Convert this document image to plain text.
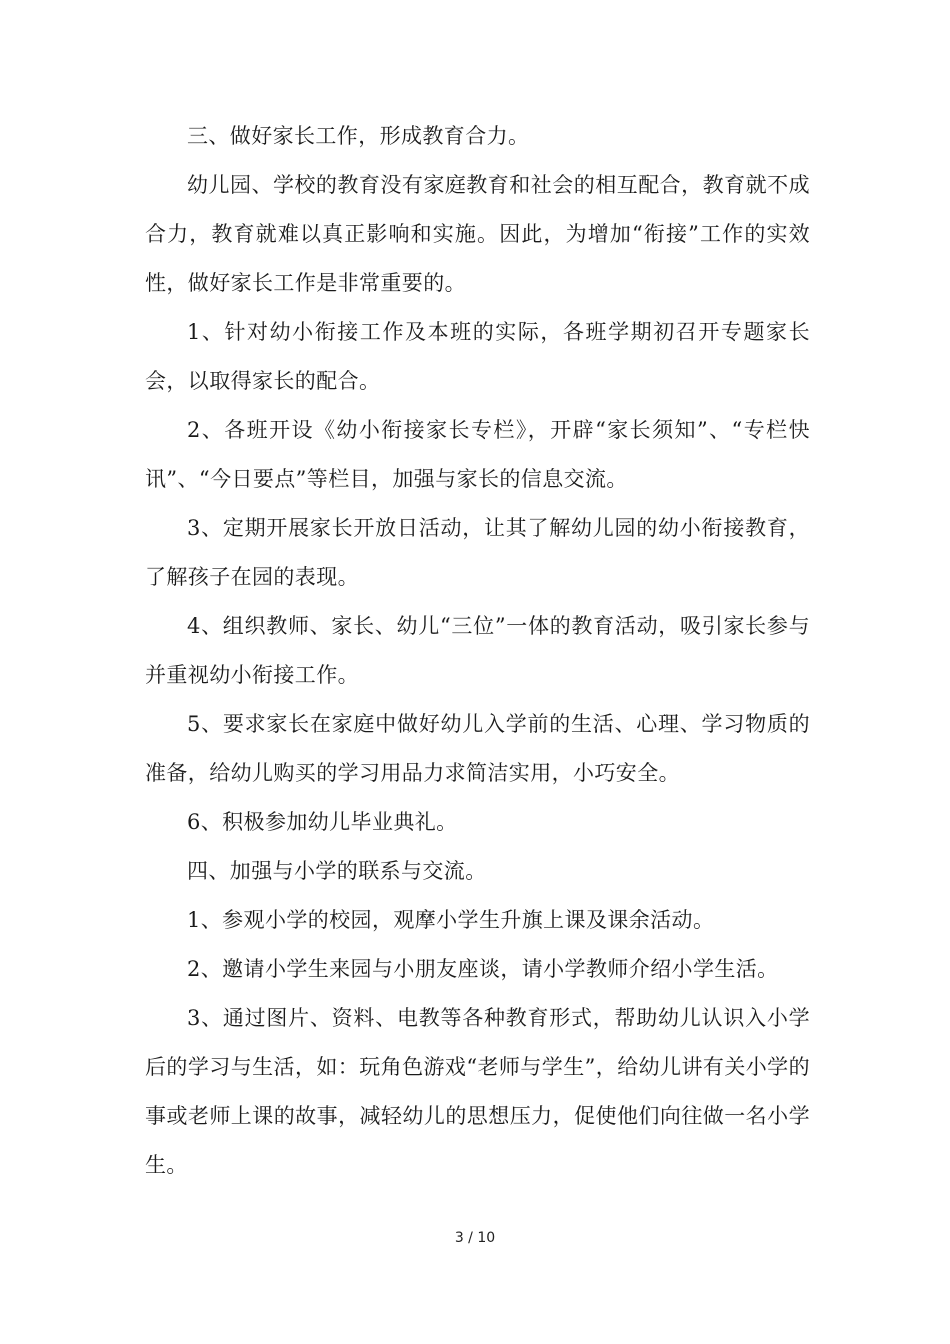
三、做好家长工作，形成教育合力。

幼儿园、学校的教育没有家庭教育和社会的相互配合，教育就不成合力，教育就难以真正影响和实施。因此，为增加“衔接”工作的实效性，做好家长工作是非常重要的。

1、针对幼小衔接工作及本班的实际，各班学期初召开专题家长会，以取得家长的配合。

2、各班开设《幼小衔接家长专栏》，开辟“家长须知”、“专栏快讯”、“今日要点”等栏目，加强与家长的信息交流。

3、定期开展家长开放日活动，让其了解幼儿园的幼小衔接教育，了解孩子在园的表现。

4、组织教师、家长、幼儿“三位”一体的教育活动，吸引家长参与并重视幼小衔接工作。

5、要求家长在家庭中做好幼儿入学前的生活、心理、学习物质的准备，给幼儿购买的学习用品力求简洁实用，小巧安全。

6、积极参加幼儿毕业典礼。

四、加强与小学的联系与交流。

1、参观小学的校园，观摩小学生升旗上课及课余活动。

2、邀请小学生来园与小朋友座谈，请小学教师介绍小学生活。

3、通过图片、资料、电教等各种教育形式，帮助幼儿认识入小学后的学习与生活，如：玩角色游戏“老师与学生”，给幼儿讲有关小学的事或老师上课的故事，减轻幼儿的思想压力，促使他们向往做一名小学生。

3 / 10
